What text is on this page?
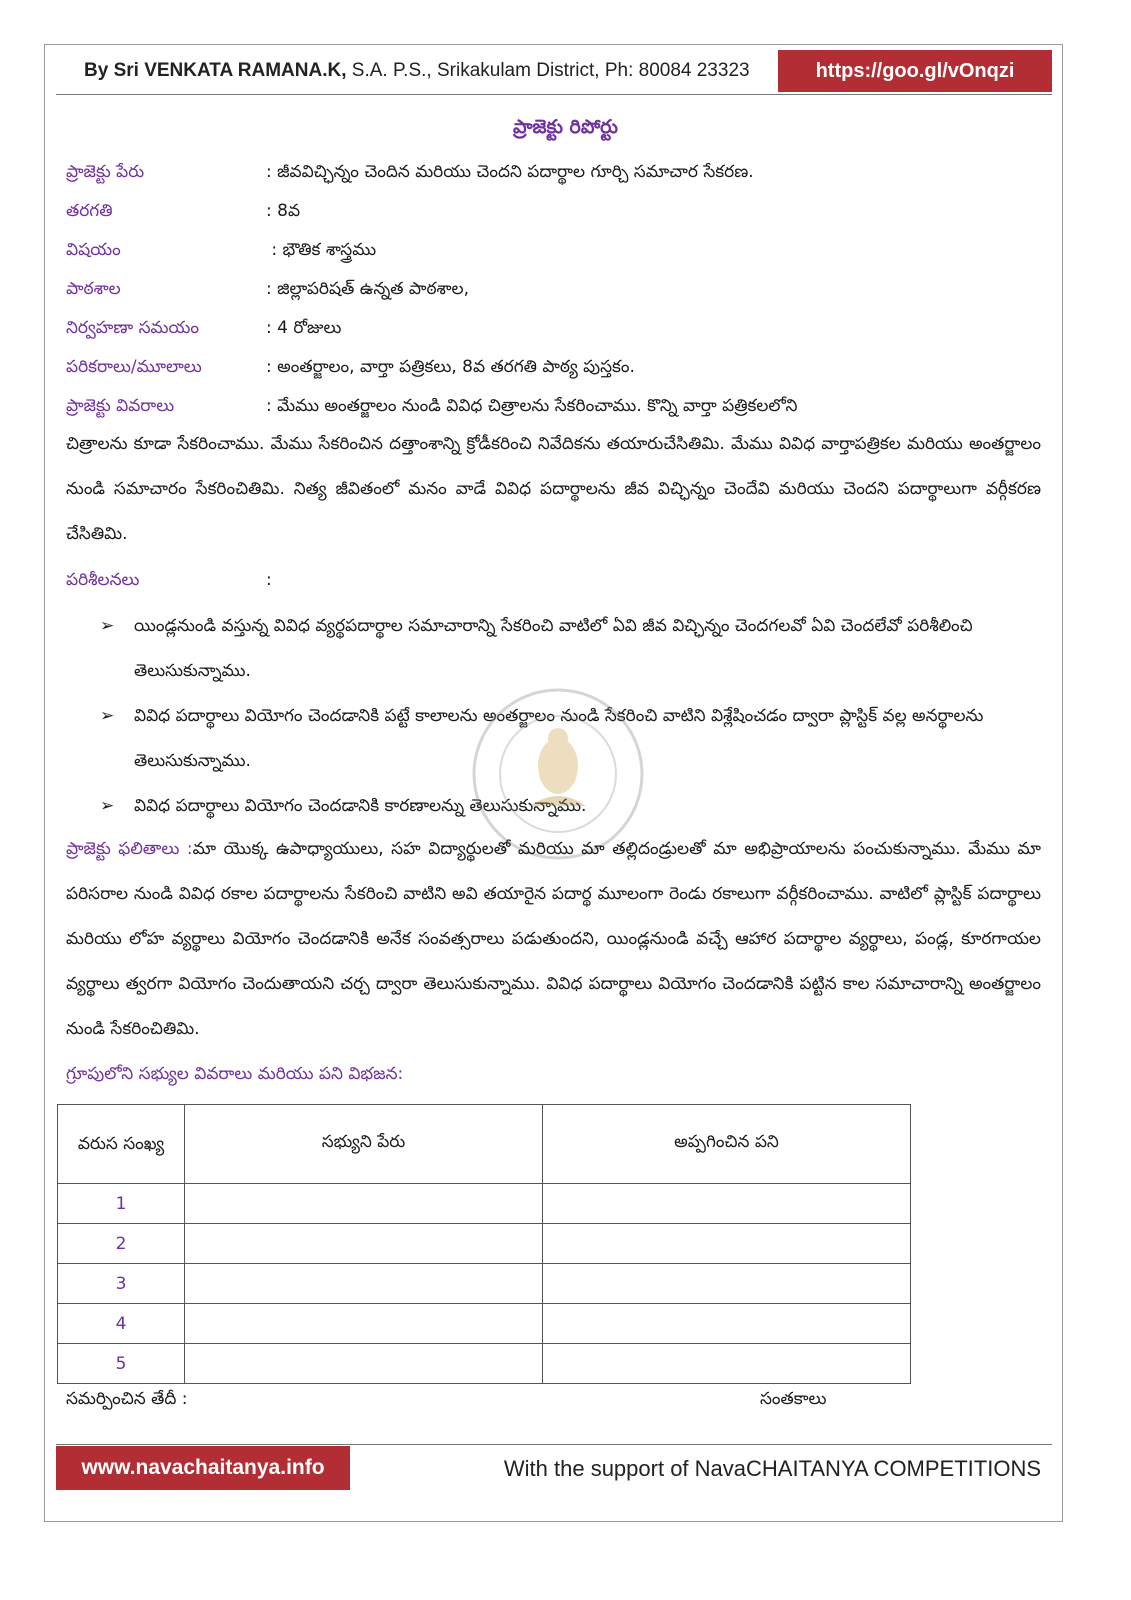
By Sri VENKATA RAMANA.K, S.A. P.S., Srikakulam District, Ph: 80084 23323	https://goo.gl/vOnqzi
ప్రాజెక్టు రిపోర్టు
ప్రాజెక్టు పేరు	: జీవవిచ్ఛిన్నం చెందిన మరియు చెందని పదార్థాల గూర్చి సమాచార సేకరణ.
తరగతి	: 8వ
విషయం	: భౌతిక శాస్త్రము
పాఠశాల	: జిల్లాపరిషత్ ఉన్నత పాఠశాల,
నిర్వహణా సమయం	: 4 రోజులు
పరికరాలు/మూలాలు	: అంతర్జాలం, వార్తా పత్రికలు, 8వ తరగతి పాఠ్య పుస్తకం.
ప్రాజెక్టు వివరాలు	: మేము అంతర్జాలం నుండి వివిధ చిత్రాలను సేకరించాము. కొన్ని వార్తా పత్రికలలోని
చిత్రాలను కూడా సేకరించాము. మేము సేకరించిన దత్తాంశాన్ని క్రోడీకరించి నివేదికను తయారుచేసితిమి. మేము వివిధ వార్తాపత్రికల మరియు అంతర్జాలం నుండి సమాచారం సేకరించితిమి. నిత్య జీవితంలో మనం వాడే వివిధ పదార్థాలను జీవ విచ్ఛిన్నం చెందేవి మరియు చెందని పదార్థాలుగా వర్గీకరణ చేసితిమి.
పరిశీలనలు	:
➢ యిండ్లనుండి వస్తున్న వివిధ వ్యర్థపదార్థాల సమాచారాన్ని సేకరించి వాటిలో ఏవి జీవ విచ్ఛిన్నం చెందగలవో ఏవి చెందలేవో పరిశీలించి తెలుసుకున్నాము.
➢ వివిధ పదార్థాలు వియోగం చెందడానికి పట్టే కాలాలను అంతర్జాలం నుండి సేకరించి వాటిని విశ్లేషించడం ద్వారా ప్లాస్టిక్ వల్ల అనర్థాలను తెలుసుకున్నాము.
➢ వివిధ పదార్థాలు వియోగం చెందడానికి కారణాలన్ను తెలుసుకున్నాము.
ప్రాజెక్టు ఫలితాలు :మా యొక్క ఉపాధ్యాయులు, సహ విద్యార్థులతో మరియు మా తల్లిదండ్రులతో మా అభిప్రాయాలను పంచుకున్నాము. మేము మా పరిసరాల నుండి వివిధ రకాల పదార్థాలను సేకరించి వాటిని అవి తయారైన పదార్థ మూలంగా రెండు రకాలుగా వర్గీకరించాము. వాటిలో ప్లాస్టిక్ పదార్థాలు మరియు లోహ వ్యర్థాలు వియోగం చెందడానికి అనేక సంవత్సరాలు పడుతుందని, యిండ్లనుండి వచ్చే ఆహార పదార్థాల వ్యర్థాలు, పండ్ల, కూరగాయల వ్యర్థాలు త్వరగా వియోగం చెందుతాయని చర్చ ద్వారా తెలుసుకున్నాము. వివిధ పదార్థాలు వియోగం చెందడానికి పట్టిన కాల సమాచారాన్ని అంతర్జాలం నుండి సేకరించితిమి.
గ్రూపులోని సభ్యుల వివరాలు మరియు పని విభజన:
వరుస సంఖ్య	సభ్యుని పేరు	అప్పగించిన పని
1		
2		
3		
4		
5		
సమర్పించిన తేదీ :	సంతకాలు
www.navachaitanya.info	With the support of NavaCHAITANYA COMPETITIONS
